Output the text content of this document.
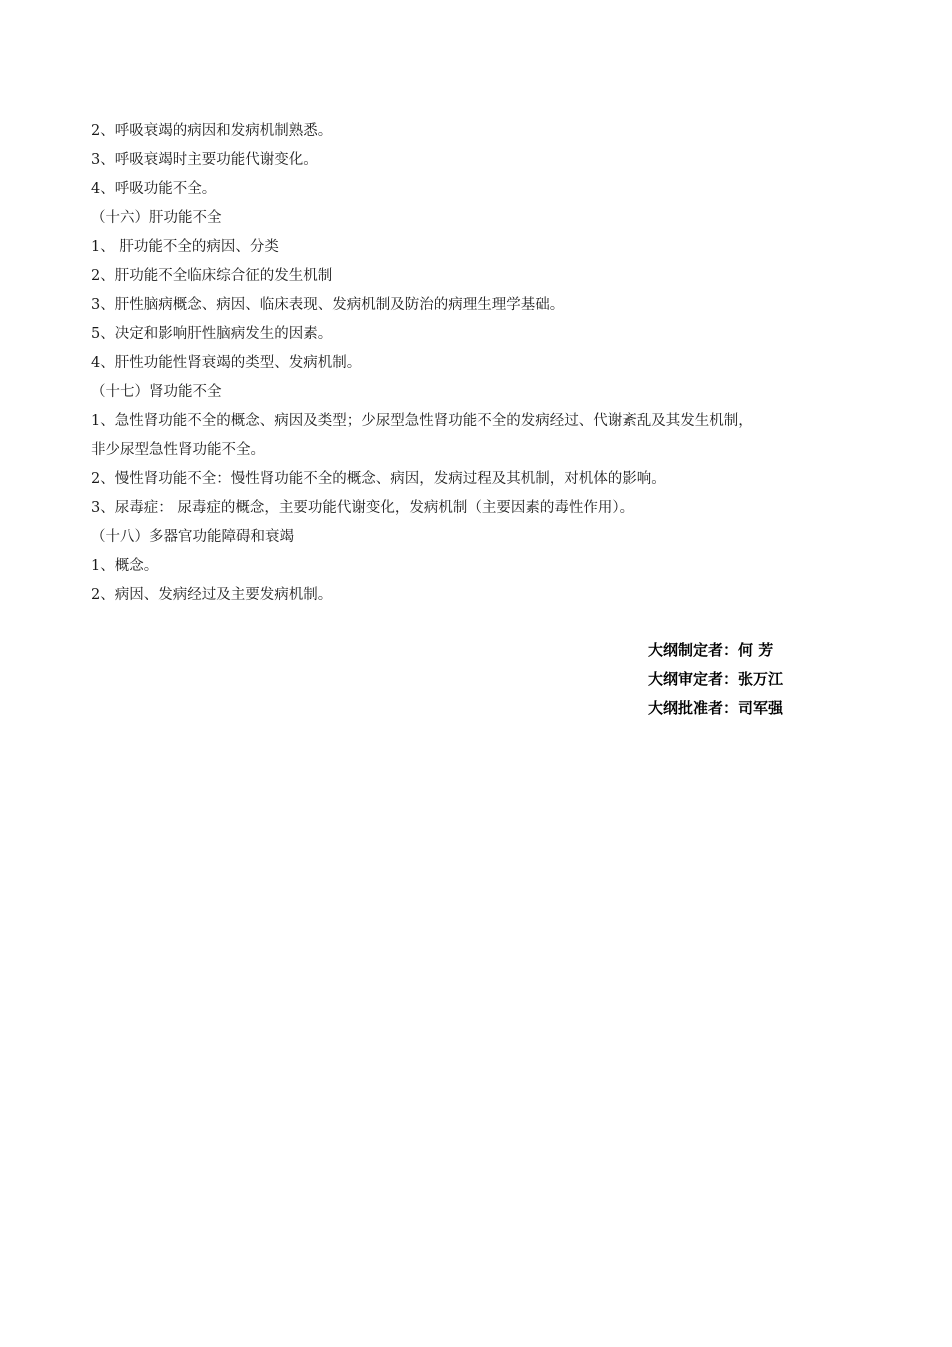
2、呼吸衰竭的病因和发病机制熟悉。
3、呼吸衰竭时主要功能代谢变化。
4、呼吸功能不全。
（十六）肝功能不全
1、 肝功能不全的病因、分类
2、肝功能不全临床综合征的发生机制
3、肝性脑病概念、病因、临床表现、发病机制及防治的病理生理学基础。
5、决定和影响肝性脑病发生的因素。
4、肝性功能性肾衰竭的类型、发病机制。
（十七）肾功能不全
1、急性肾功能不全的概念、病因及类型；少尿型急性肾功能不全的发病经过、代谢紊乱及其发生机制，
非少尿型急性肾功能不全。
2、慢性肾功能不全：慢性肾功能不全的概念、病因，发病过程及其机制，对机体的影响。
3、尿毒症： 尿毒症的概念，主要功能代谢变化，发病机制（主要因素的毒性作用）。
（十八）多器官功能障碍和衰竭
1、概念。
2、病因、发病经过及主要发病机制。
大纲制定者：何 芳
大纲审定者：张万江
大纲批准者：司军强
